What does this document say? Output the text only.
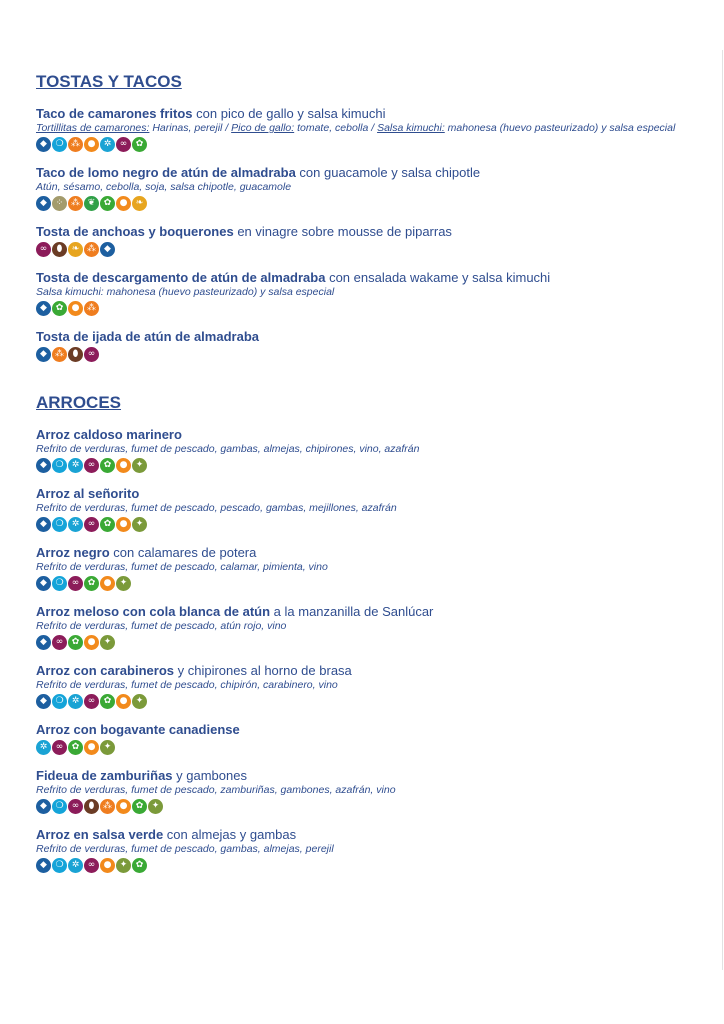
TOSTAS Y TACOS
Taco de camarones fritos con pico de gallo y salsa kimuchi
Tortillitas de camarones: Harinas, perejil / Pico de gallo: tomate, cebolla / Salsa kimuchi: mahonesa (huevo pasteurizado) y salsa especial
◆ ❍ ⁂ ● ✲ ∞ ✿
Taco de lomo negro de atún de almadraba con guacamole y salsa chipotle
Atún, sésamo, cebolla, soja, salsa chipotle, guacamole
◆ ⁘ ⁂ ❦ ✿ ● ❧
Tosta de anchoas y boquerones en vinagre sobre mousse de piparras
∞	⬮	❧ ⁂ ◆
Tosta de descargamento de atún de almadraba con ensalada wakame y salsa kimuchi
Salsa kimuchi: mahonesa (huevo pasteurizado) y salsa especial
◆ ✿ ● ⁂
Tosta de ijada de atún de almadraba
◆ ⁂ ⬮	∞
ARROCES
Arroz caldoso marinero
Refrito de verduras, fumet de pescado, gambas, almejas, chipirones, vino, azafrán
◆ ❍ ✲ ∞ ✿ ● ✦
Arroz al señorito
Refrito de verduras, fumet de pescado, pescado, gambas, mejillones, azafrán
◆ ❍ ✲ ∞ ✿ ● ✦
Arroz negro con calamares de potera
Refrito de verduras, fumet de pescado, calamar, pimienta, vino
◆ ❍ ∞ ✿ ● ✦
Arroz meloso con cola blanca de atún a la manzanilla de Sanlúcar
Refrito de verduras, fumet de pescado, atún rojo, vino
◆ ∞ ✿ ● ✦
Arroz con carabineros y chipirones al horno de brasa
Refrito de verduras, fumet de pescado, chipirón, carabinero, vino
◆ ❍ ✲ ∞ ✿ ● ✦
Arroz con bogavante canadiense
✲ ∞ ✿ ● ✦
Fideua de zamburiñas y gambones
Refrito de verduras, fumet de pescado, zamburiñas, gambones, azafrán, vino
◆ ❍ ∞	⬮ ⁂ ● ✿ ✦
Arroz en salsa verde con almejas y gambas
Refrito de verduras, fumet de pescado, gambas, almejas, perejil
◆ ❍ ✲ ∞ ● ✦ ✿
